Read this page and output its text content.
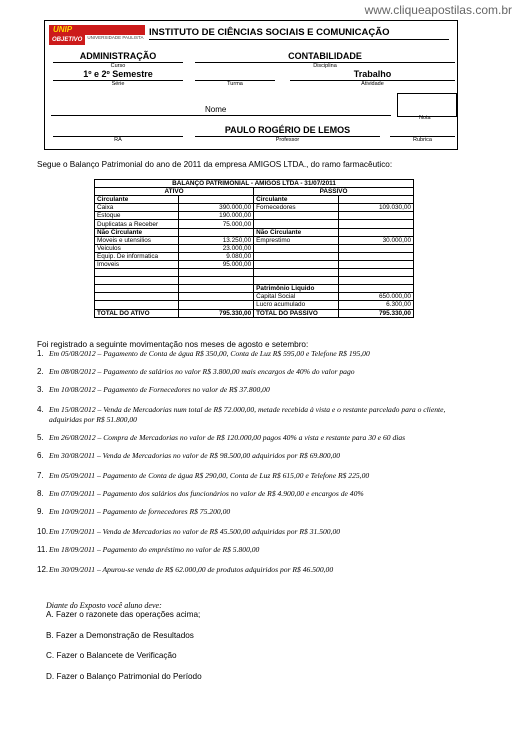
www.cliqueapostilas.com.br
UNIP
OBJETIVO	UNIVERSIDADE PAULISTA INSTITUTO DE CIÊNCIAS SOCIAIS E COMUNICAÇÃO
ADMINISTRAÇÃO
Curso
CONTABILIDADE
Disciplina
1º e 2º Semestre
Série
	Turma
Trabalho
Atividade
Nome
Nota

RA
PAULO ROGÉRIO DE LEMOS
Professor
	Rubrica
Segue o Balanço Patrimonial do ano de 2011 da empresa AMIGOS LTDA., do ramo farmacêutico:
BALANÇO PATRIMONIAL - AMIGOS LTDA - 31/07/2011			
ATIVO		PASSIVO	
Circulante		Circulante	
Caixa	390.000,00	Fornecedores	109.030,00
Estoque	190.000,00		
Duplicatas a Receber	75.000,00		
Não Circulante		Não Circulante	
Moveis e utensilios	13.250,00	Emprestimo	30.000,00
Veiculos	23.000,00		
Equip. De informatica	9.080,00		
Imoveis	95.000,00		

		Patrimônio Liquido	
		Capital Social	650.000,00
		Lucro acumulado	6.300,00
TOTAL DO ATIVO	795.330,00	TOTAL DO PASSIVO	795.330,00
Foi registrado a seguinte movimentação nos meses de agosto e setembro:
1. Em 05/08/2012 – Pagamento de Conta de água R$ 350,00, Conta de Luz R$ 595,00 e Telefone R$ 195,00
2. Em 08/08/2012 – Pagamento de salários no valor R$ 3.800,00 mais encargos de 40% do valor pago
3. Em 10/08/2012 – Pagamento de Fornecedores no valor de R$ 37.800,00
4. Em 15/08/2012 – Venda de Mercadorias num total de R$ 72.000,00, metade recebida à vista e o restante parcelado para o cliente, adquiridas por R$ 51.800,00
5. Em 26/08/2012 – Compra de Mercadorias no valor de R$ 120.000,00 pagos 40% a vista e restante para 30 e 60 dias
6. Em 30/08/2011 – Venda de Mercadorias no valor de R$ 98.500,00 adquiridos por R$ 69.800,00
7. Em 05/09/2011 – Pagamento de Conta de água R$ 290,00, Conta de Luz R$ 615,00 e Telefone R$ 225,00
8. Em 07/09/2011 – Pagamento dos salários dos funcionários no valor de R$ 4.900,00 e encargos de 40%
9. Em 10/09/2011 – Pagamento de fornecedores R$ 75.200,00
10. Em 17/09/2011 – Venda de Mercadorias no valor de R$ 45.500,00 adquiridas por R$ 31.500,00
11. Em 18/09/2011 – Pagamento do empréstimo no valor de R$ 5.800,00
12. Em 30/09/2011 – Apurou-se venda de R$ 62.000,00 de produtos adquiridos por R$ 46.500,00
Diante do Exposto você aluno deve:
A. Fazer o razonete das operações acima;
B. Fazer a Demonstração de Resultados
C. Fazer o Balancete de Verificação
D. Fazer o Balanço Patrimonial do Período
